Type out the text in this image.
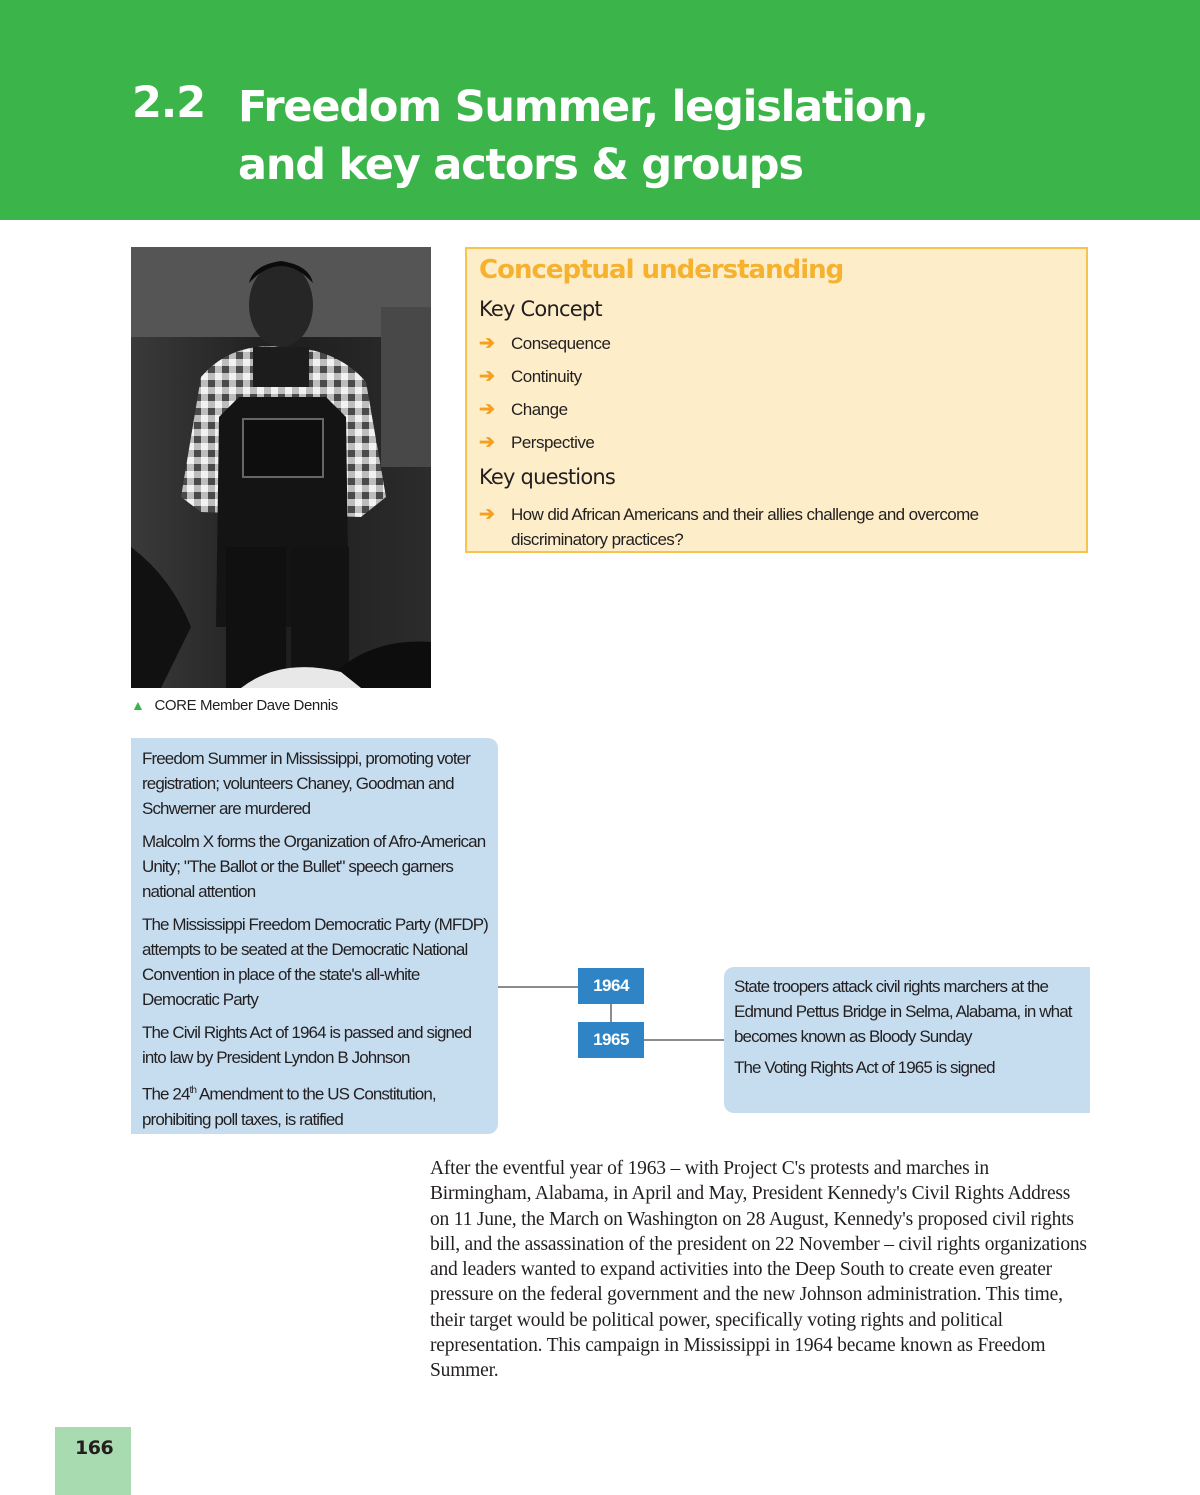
2.2 Freedom Summer, legislation,
and key actors & groups
▲ CORE Member Dave Dennis
Conceptual understanding
Key Concept
➔ Consequence
➔ Continuity
➔ Change
➔ Perspective
Key questions
➔ How did African Americans and their allies challenge and overcome discriminatory practices?
Freedom Summer in Mississippi, promoting voter registration; volunteers Chaney, Goodman and Schwerner are murdered
Malcolm X forms the Organization of Afro-American Unity; "The Ballot or the Bullet" speech garners national attention
The Mississippi Freedom Democratic Party (MFDP) attempts to be seated at the Democratic National Convention in place of the state's all-white Democratic Party
The Civil Rights Act of 1964 is passed and signed into law by President Lyndon B Johnson
The 24th Amendment to the US Constitution, prohibiting poll taxes, is ratified
1964
1965
State troopers attack civil rights marchers at the Edmund Pettus Bridge in Selma, Alabama, in what becomes known as Bloody Sunday
The Voting Rights Act of 1965 is signed

After the eventful year of 1963 – with Project C's protests and marches in Birmingham, Alabama, in April and May, President Kennedy's Civil Rights Address on 11 June, the March on Washington on 28 August, Kennedy's proposed civil rights bill, and the assassination of the president on 22 November – civil rights organizations and leaders wanted to expand activities into the Deep South to create even greater pressure on the federal government and the new Johnson administration. This time, their target would be political power, specifically voting rights and political representation. This campaign in Mississippi in 1964 became known as Freedom Summer.

166
